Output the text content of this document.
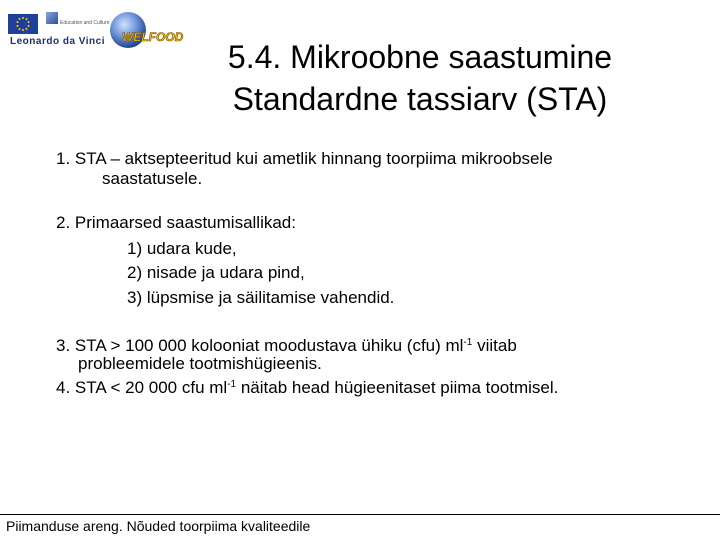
Education and Culture
Leonardo da Vinci WELFOOD
5.4. Mikroobne saastumine
Standardne tassiarv (STA)
1. STA – aktsepteeritud kui ametlik hinnang toorpiima mikroobsele
saastatusele.
2. Primaarsed saastumisallikad:
1) udara kude,
2) nisade ja udara pind,
3) lüpsmise ja säilitamise vahendid.
3. STA > 100 000 kolooniat moodustava ühiku (cfu) $ml^{-1}$ viitab
probleemidele tootmishügieenis.
4. STA < 20 000 cfu $ml^{-1}$ näitab head hügieenitaset piima tootmisel.
Piimanduse areng. Nõuded toorpiima kvaliteedile
